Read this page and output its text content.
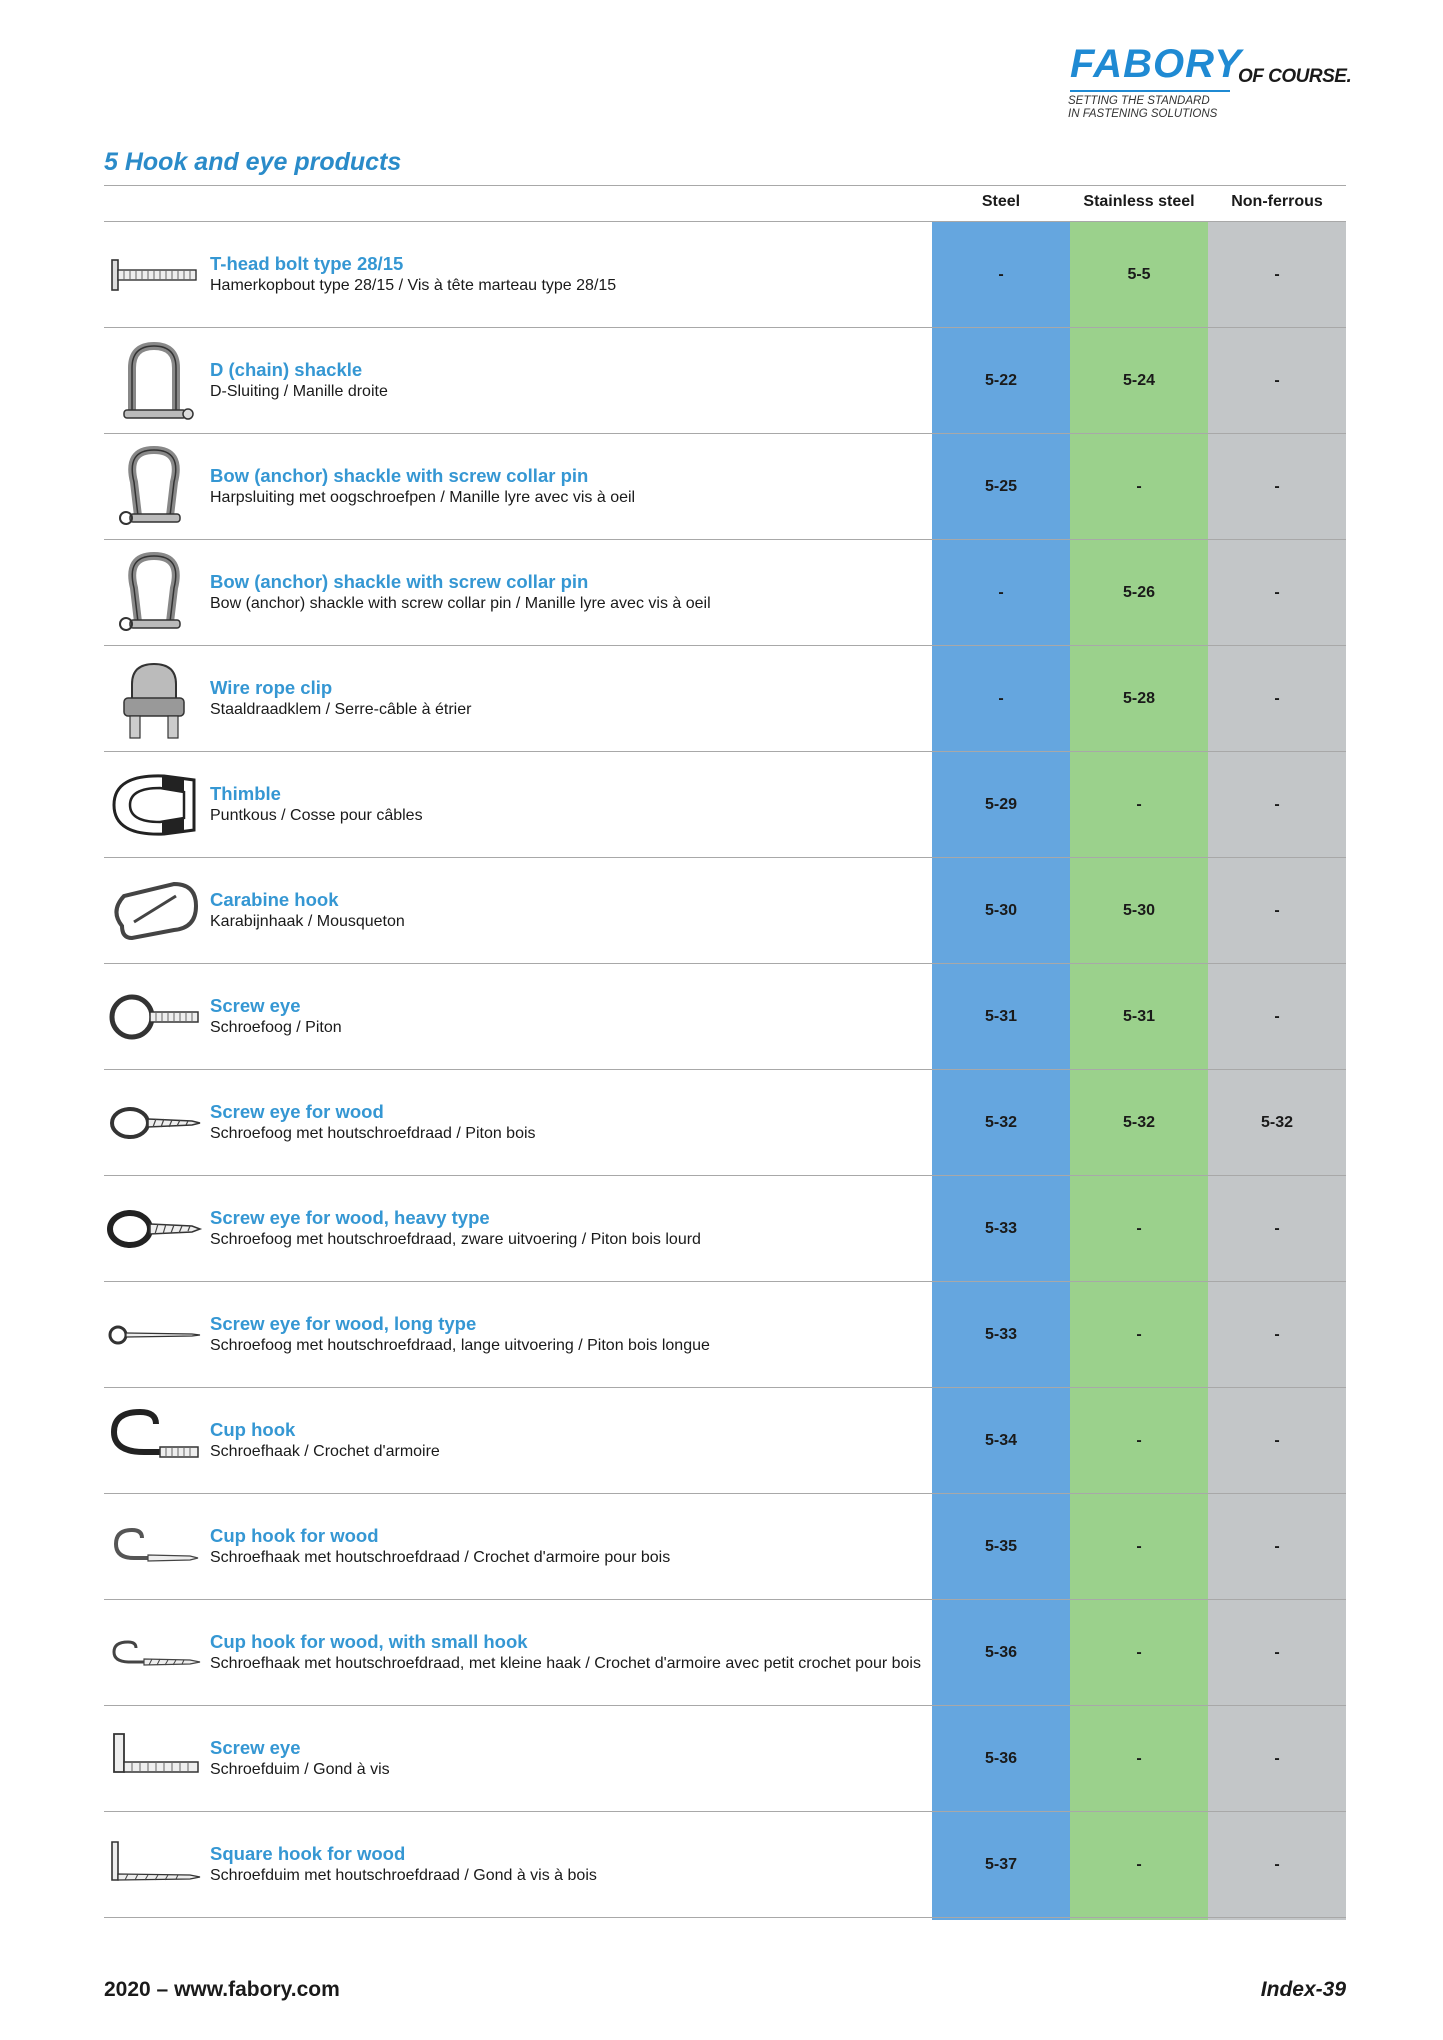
FABORY
OF COURSE.
SETTING THE STANDARD
IN FASTENING SOLUTIONS
5 Hook and eye products
Steel	Stainless steel	Non-ferrous
T-head bolt type 28/15
Hamerkopbout type 28/15 / Vis à tête marteau type 28/15
-	5-5	-
D (chain) shackle
D-Sluiting / Manille droite
5-22	5-24	-
Bow (anchor) shackle with screw collar pin
Harpsluiting met oogschroefpen / Manille lyre avec vis à oeil
5-25	-	-
Bow (anchor) shackle with screw collar pin
Bow (anchor) shackle with screw collar pin / Manille lyre avec vis à oeil
-	5-26	-
Wire rope clip
Staaldraadklem / Serre-câble à étrier
-	5-28	-
Thimble
Puntkous / Cosse pour câbles
5-29	-	-
Carabine hook
Karabijnhaak / Mousqueton
5-30	5-30	-
Screw eye
Schroefoog / Piton
5-31	5-31	-
Screw eye for wood
Schroefoog met houtschroefdraad / Piton bois
5-32	5-32	5-32
Screw eye for wood, heavy type
Schroefoog met houtschroefdraad, zware uitvoering / Piton bois lourd
5-33	-	-
Screw eye for wood, long type
Schroefoog met houtschroefdraad, lange uitvoering / Piton bois longue
5-33	-	-
Cup hook
Schroefhaak / Crochet d'armoire
5-34	-	-
Cup hook for wood
Schroefhaak met houtschroefdraad / Crochet d'armoire pour bois
5-35	-	-
Cup hook for wood, with small hook
Schroefhaak met houtschroefdraad, met kleine haak / Crochet d'armoire avec petit crochet pour bois
5-36	-	-
Screw eye
Schroefduim / Gond à vis
5-36	-	-
Square hook for wood
Schroefduim met houtschroefdraad / Gond à vis à bois
5-37	-	-
2020 – www.fabory.com	Index-39
